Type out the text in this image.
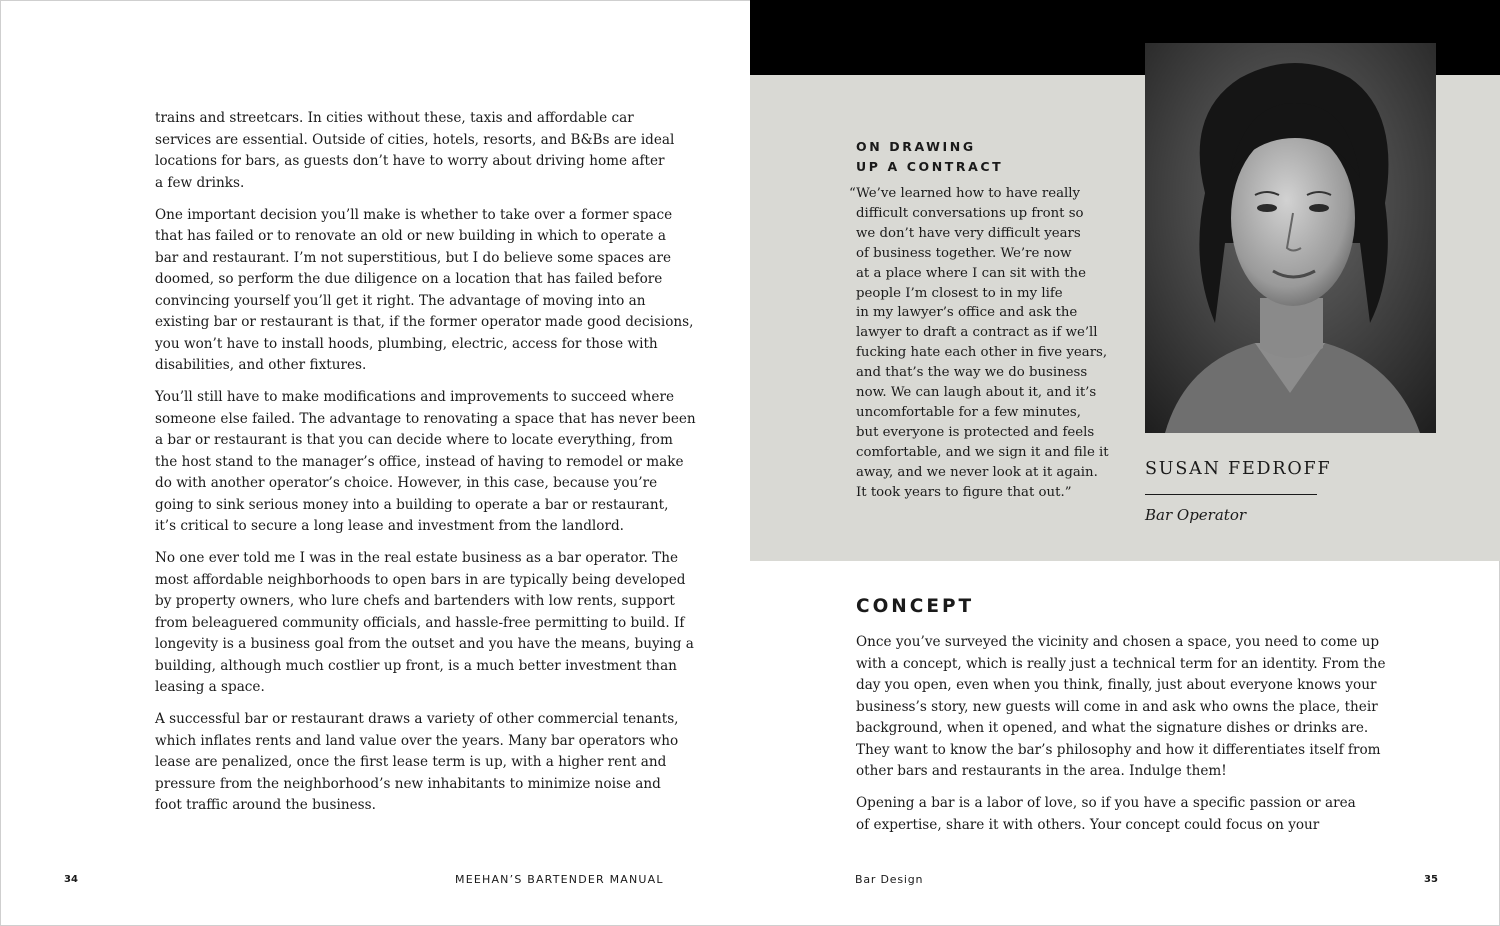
trains and streetcars. In cities without these, taxis and affordable car
services are essential. Outside of cities, hotels, resorts, and B&Bs are ideal
locations for bars, as guests don’t have to worry about driving home after
a few drinks.

One important decision you’ll make is whether to take over a former space
that has failed or to renovate an old or new building in which to operate a
bar and restaurant. I’m not superstitious, but I do believe some spaces are
doomed, so perform the due diligence on a location that has failed before
convincing yourself you’ll get it right. The advantage of moving into an
existing bar or restaurant is that, if the former operator made good decisions,
you won’t have to install hoods, plumbing, electric, access for those with
disabilities, and other fixtures.

You’ll still have to make modifications and improvements to succeed where
someone else failed. The advantage to renovating a space that has never been
a bar or restaurant is that you can decide where to locate everything, from
the host stand to the manager’s office, instead of having to remodel or make
do with another operator’s choice. However, in this case, because you’re
going to sink serious money into a building to operate a bar or restaurant,
it’s critical to secure a long lease and investment from the landlord.

No one ever told me I was in the real estate business as a bar operator. The
most affordable neighborhoods to open bars in are typically being developed
by property owners, who lure chefs and bartenders with low rents, support
from beleaguered community officials, and hassle-free permitting to build. If
longevity is a business goal from the outset and you have the means, buying a
building, although much costlier up front, is a much better investment than
leasing a space.

A successful bar or restaurant draws a variety of other commercial tenants,
which inflates rents and land value over the years. Many bar operators who
lease are penalized, once the first lease term is up, with a higher rent and
pressure from the neighborhood’s new inhabitants to minimize noise and
foot traffic around the business.

34	MEEHAN’S BARTENDER MANUAL
ON DRAWING
UP A CONTRACT
“We’ve learned how to have really
difficult conversations up front so
we don’t have very difficult years
of business together. We’re now
at a place where I can sit with the
people I’m closest to in my life
in my lawyer’s office and ask the
lawyer to draft a contract as if we’ll
fucking hate each other in five years,
and that’s the way we do business
now. We can laugh about it, and it’s
uncomfortable for a few minutes,
but everyone is protected and feels
comfortable, and we sign it and file it
away, and we never look at it again.
It took years to figure that out.”
SUSAN FEDROFF
Bar Operator
CONCEPT

Once you’ve surveyed the vicinity and chosen a space, you need to come up
with a concept, which is really just a technical term for an identity. From the
day you open, even when you think, finally, just about everyone knows your
business’s story, new guests will come in and ask who owns the place, their
background, when it opened, and what the signature dishes or drinks are.
They want to know the bar’s philosophy and how it differentiates itself from
other bars and restaurants in the area. Indulge them!

Opening a bar is a labor of love, so if you have a specific passion or area
of expertise, share it with others. Your concept could focus on your

Bar Design	35
